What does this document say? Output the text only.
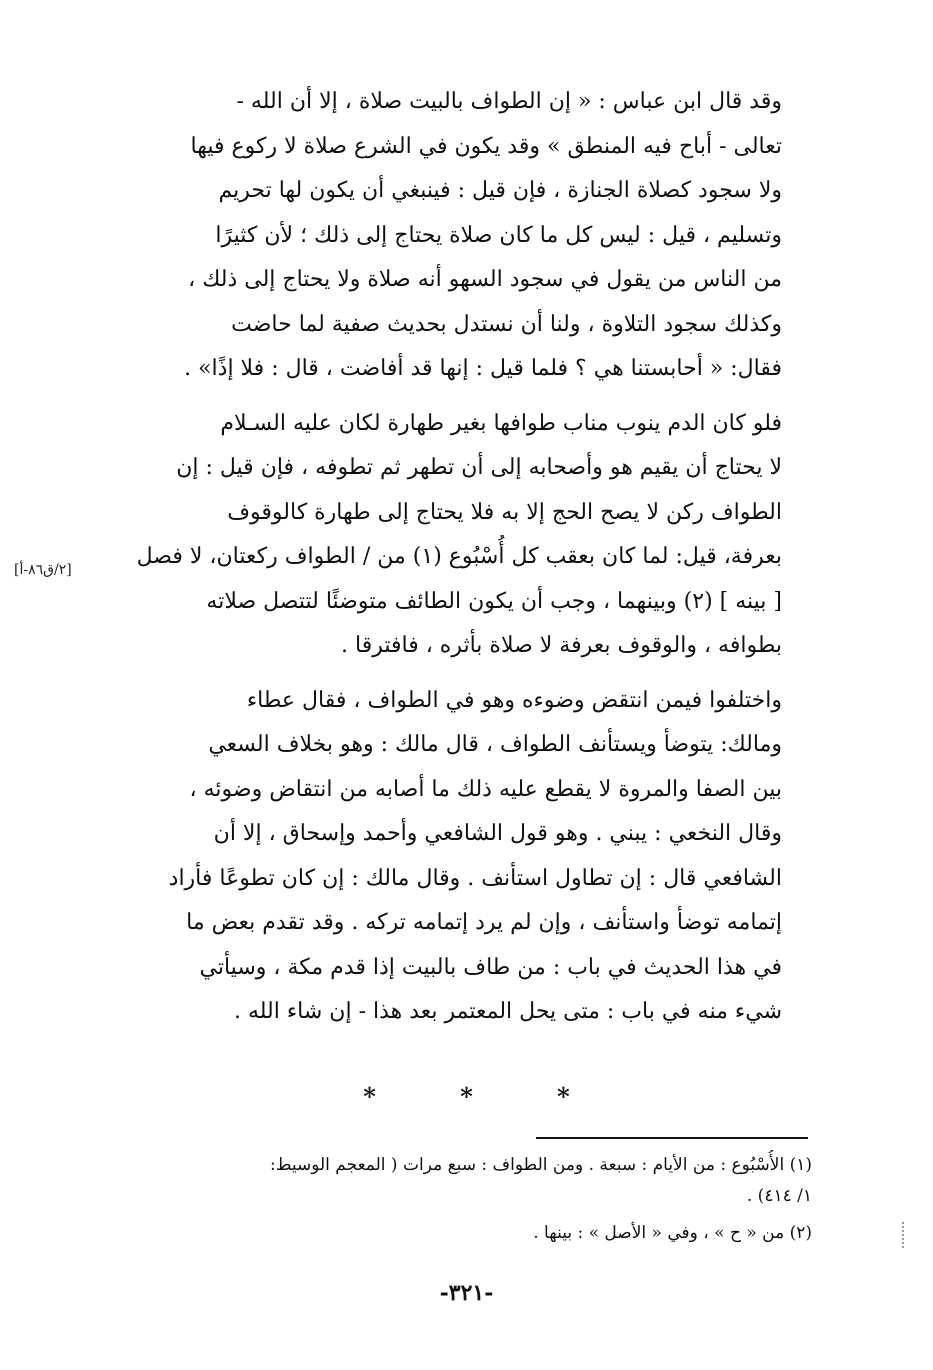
وقد قال ابن عباس : « إن الطواف بالبيت صلاة ، إلا أن الله -
تعالى - أباح فيه المنطق » وقد يكون في الشرع صلاة لا ركوع فيها
ولا سجود كصلاة الجنازة ، فإن قيل : فينبغي أن يكون لها تحريم
وتسليم ، قيل : ليس كل ما كان صلاة يحتاج إلى ذلك ؛ لأن كثيرًا
من الناس من يقول في سجود السهو أنه صلاة ولا يحتاج إلى ذلك ،
وكذلك سجود التلاوة ، ولنا أن نستدل بحديث صفية لما حاضت
فقال: « أحابستنا هي ؟ فلما قيل : إنها قد أفاضت ، قال : فلا إذًا» .

فلو كان الدم ينوب مناب طوافها بغير طهارة لكان عليه السـلام
لا يحتاج أن يقيم هو وأصحابه إلى أن تطهر ثم تطوفه ، فإن قيل : إن
الطواف ركن لا يصح الحج إلا به فلا يحتاج إلى طهارة كالوقوف
بعرفة، قيل: لما كان بعقب كل أُسْبُوع (١) من / الطواف ركعتان، لا فصل
[ بينه ] (٢) وبينهما ، وجب أن يكون الطائف متوضئًا لتتصل صلاته
بطوافه ، والوقوف بعرفة لا صلاة بأثره ، فافترقا .

واختلفوا فيمن انتقض وضوءه وهو في الطواف ، فقال عطاء
ومالك: يتوضأ ويستأنف الطواف ، قال مالك : وهو بخلاف السعي
بين الصفا والمروة لا يقطع عليه ذلك ما أصابه من انتقاض وضوئه ،
وقال النخعي : يبني . وهو قول الشافعي وأحمد وإسحاق ، إلا أن
الشافعي قال : إن تطاول استأنف . وقال مالك : إن كان تطوعًا فأراد
إتمامه توضأ واستأنف ، وإن لم يرد إتمامه تركه . وقد تقدم بعض ما
في هذا الحديث في باب : من طاف بالبيت إذا قدم مكة ، وسيأتي
شيء منه في باب : متى يحل المعتمر بعد هذا - إن شاء الله .

[٢/ق٨٦-أ]
*	*	*

(١) الأُسْبُوع : من الأيام : سبعة . ومن الطواف : سبع مرات ( المعجم الوسيط:
١/ ٤١٤) .

(٢) من « ح » ، وفي « الأصل » : بينها .

-٣٢١-
